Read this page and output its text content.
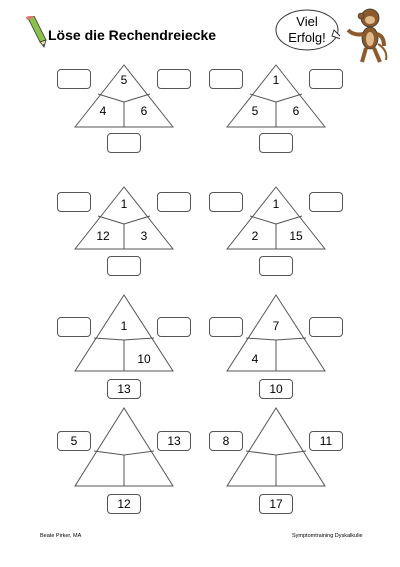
Löse die Rechendreiecke
Viel
Erfolg!
5
4	6
1
5	6
1
12	3
1
2	15
1
10
13
7
4
10
5	13
12
8	11
17
Beate Pirker, MA	Symptomtraining Dyskalkulie
